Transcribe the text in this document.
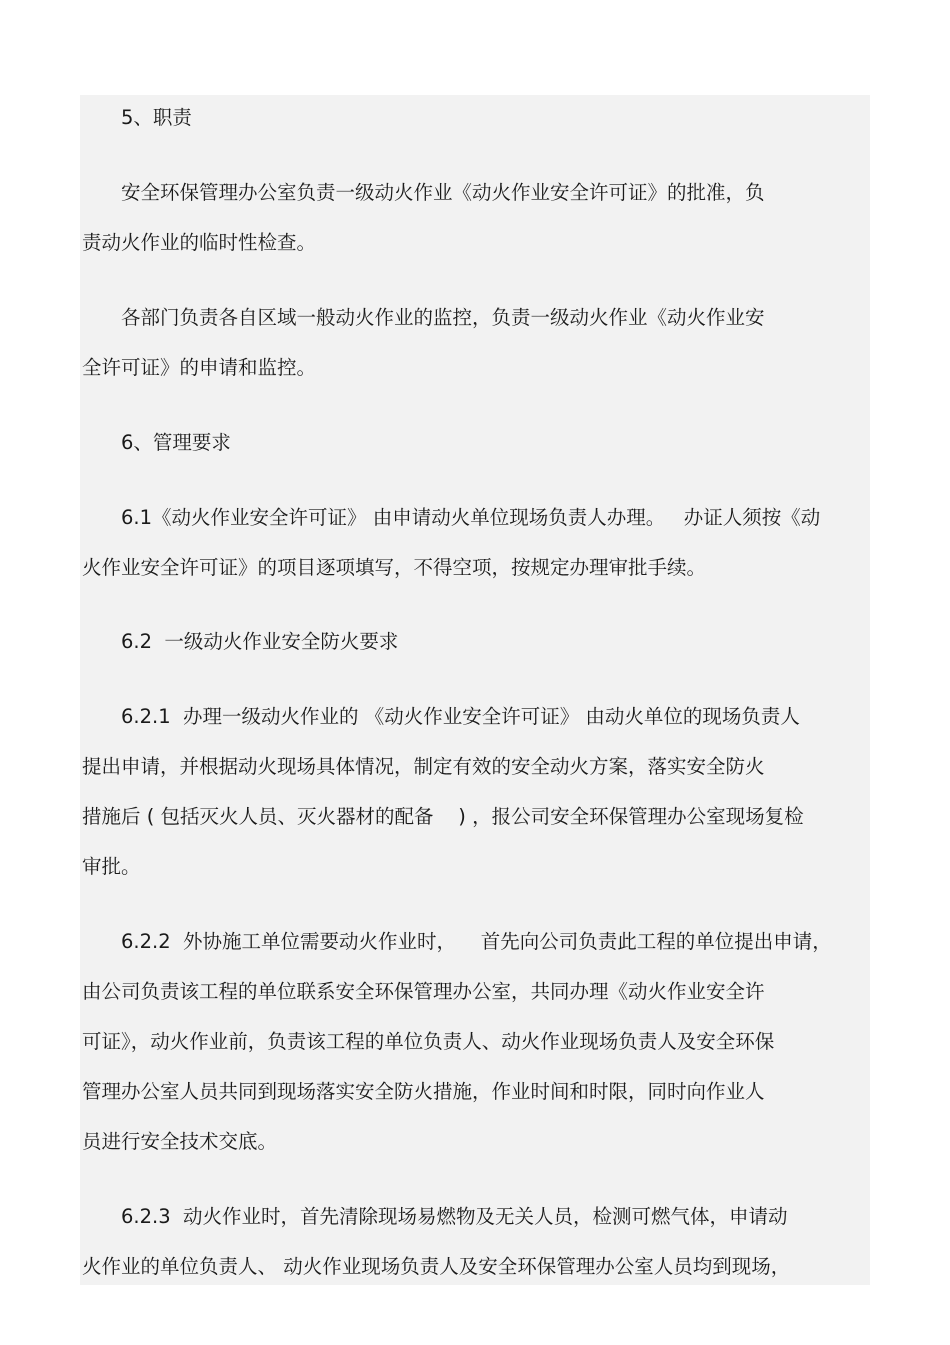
5、职责
安全环保管理办公室负责一级动火作业《动火作业安全许可证》的批准，负
责动火作业的临时性检查。
各部门负责各自区域一般动火作业的监控，负责一级动火作业《动火作业安
全许可证》的申请和监控。
6、管理要求
6.1《动火作业安全许可证》 由申请动火单位现场负责人办理。   办证人须按《动
火作业安全许可证》的项目逐项填写，不得空项，按规定办理审批手续。
6.2  一级动火作业安全防火要求
6.2.1  办理一级动火作业的 《动火作业安全许可证》 由动火单位的现场负责人
提出申请，并根据动火现场具体情况，制定有效的安全动火方案，落实安全防火
措施后 ( 包括灭火人员、灭火器材的配备    ) ，报公司安全环保管理办公室现场复检
审批。
6.2.2  外协施工单位需要动火作业时，    首先向公司负责此工程的单位提出申请，
由公司负责该工程的单位联系安全环保管理办公室，共同办理《动火作业安全许
可证》，动火作业前，负责该工程的单位负责人、动火作业现场负责人及安全环保
管理办公室人员共同到现场落实安全防火措施，作业时间和时限，同时向作业人
员进行安全技术交底。
6.2.3  动火作业时，首先清除现场易燃物及无关人员，检测可燃气体，申请动
火作业的单位负责人、 动火作业现场负责人及安全环保管理办公室人员均到现场，
